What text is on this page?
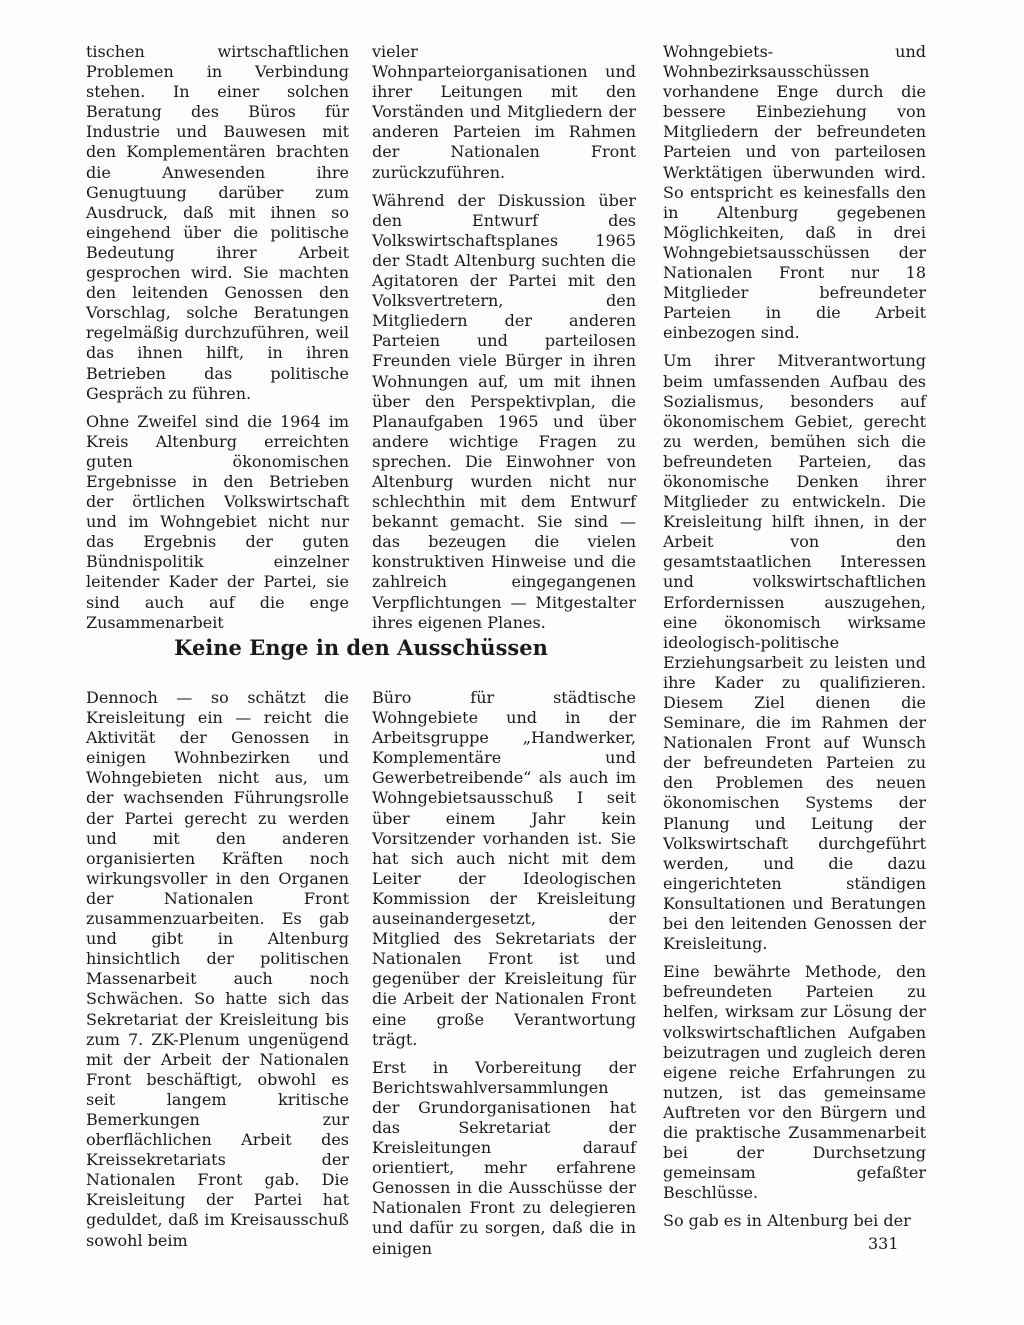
tischen wirtschaftlichen Problemen in Verbindung stehen. In einer solchen Beratung des Büros für Industrie und Bauwesen mit den Komplementären brachten die Anwesenden ihre Genugtuung darüber zum Ausdruck, daß mit ihnen so eingehend über die politische Bedeutung ihrer Arbeit gesprochen wird. Sie machten den leitenden Genossen den Vorschlag, solche Beratungen regelmäßig durchzuführen, weil das ihnen hilft, in ihren Betrieben das politische Gespräch zu führen.

Ohne Zweifel sind die 1964 im Kreis Altenburg erreichten guten ökonomischen Ergebnisse in den Betrieben der örtlichen Volkswirtschaft und im Wohngebiet nicht nur das Ergebnis der guten Bündnispolitik einzelner leitender Kader der Partei, sie sind auch auf die enge Zusammenarbeit

vieler Wohnparteiorganisationen und ihrer Leitungen mit den Vorständen und Mitgliedern der anderen Parteien im Rahmen der Nationalen Front zurückzuführen.

Während der Diskussion über den Entwurf des Volkswirtschaftsplanes 1965 der Stadt Altenburg suchten die Agitatoren der Partei mit den Volksvertretern, den Mitgliedern der anderen Parteien und parteilosen Freunden viele Bürger in ihren Wohnungen auf, um mit ihnen über den Perspektivplan, die Planaufgaben 1965 und über andere wichtige Fragen zu sprechen. Die Einwohner von Altenburg wurden nicht nur schlechthin mit dem Entwurf bekannt gemacht. Sie sind — das bezeugen die vielen konstruktiven Hinweise und die zahlreich eingegangenen Verpflichtungen — Mitgestalter ihres eigenen Planes.

Wohngebiets- und Wohnbezirksausschüssen vorhandene Enge durch die bessere Einbeziehung von Mitgliedern der befreundeten Parteien und von parteilosen Werktätigen überwunden wird. So entspricht es keinesfalls den in Altenburg gegebenen Möglichkeiten, daß in drei Wohngebietsausschüssen der Nationalen Front nur 18 Mitglieder befreundeter Parteien in die Arbeit einbezogen sind.

Um ihrer Mitverantwortung beim umfassenden Aufbau des Sozialismus, besonders auf ökonomischem Gebiet, gerecht zu werden, bemühen sich die befreundeten Parteien, das ökonomische Denken ihrer Mitglieder zu entwickeln. Die Kreisleitung hilft ihnen, in der Arbeit von den gesamtstaatlichen Interessen und volkswirtschaftlichen Erfordernissen auszugehen, eine ökonomisch wirksame ideologisch-politische Erziehungsarbeit zu leisten und ihre Kader zu qualifizieren. Diesem Ziel dienen die Seminare, die im Rahmen der Nationalen Front auf Wunsch der befreundeten Parteien zu den Problemen des neuen ökonomischen Systems der Planung und Leitung der Volkswirtschaft durchgeführt werden, und die dazu eingerichteten ständigen Konsultationen und Beratungen bei den leitenden Genossen der Kreisleitung.

Eine bewährte Methode, den befreundeten Parteien zu helfen, wirksam zur Lösung der volkswirtschaftlichen Aufgaben beizutragen und zugleich deren eigene reiche Erfahrungen zu nutzen, ist das gemeinsame Auftreten vor den Bürgern und die praktische Zusammenarbeit bei der Durchsetzung gemeinsam gefaßter Beschlüsse.

So gab es in Altenburg bei der

Keine Enge in den Ausschüssen

Dennoch — so schätzt die Kreisleitung ein — reicht die Aktivität der Genossen in einigen Wohnbezirken und Wohngebieten nicht aus, um der wachsenden Führungsrolle der Partei gerecht zu werden und mit den anderen organisierten Kräften noch wirkungsvoller in den Organen der Nationalen Front zusammenzuarbeiten. Es gab und gibt in Altenburg hinsichtlich der politischen Massenarbeit auch noch Schwächen. So hatte sich das Sekretariat der Kreisleitung bis zum 7. ZK-Plenum ungenügend mit der Arbeit der Nationalen Front beschäftigt, obwohl es seit langem kritische Bemerkungen zur oberflächlichen Arbeit des Kreissekretariats der Nationalen Front gab. Die Kreisleitung der Partei hat geduldet, daß im Kreisausschuß sowohl beim

Büro für städtische Wohngebiete und in der Arbeitsgruppe „Handwerker, Komplementäre und Gewerbetreibende“ als auch im Wohngebietsausschuß I seit über einem Jahr kein Vorsitzender vorhanden ist. Sie hat sich auch nicht mit dem Leiter der Ideologischen Kommission der Kreisleitung auseinandergesetzt, der Mitglied des Sekretariats der Nationalen Front ist und gegenüber der Kreisleitung für die Arbeit der Nationalen Front eine große Verantwortung trägt.

Erst in Vorbereitung der Berichtswahlversammlungen der Grundorganisationen hat das Sekretariat der Kreisleitungen darauf orientiert, mehr erfahrene Genossen in die Ausschüsse der Nationalen Front zu delegieren und dafür zu sorgen, daß die in einigen	331
